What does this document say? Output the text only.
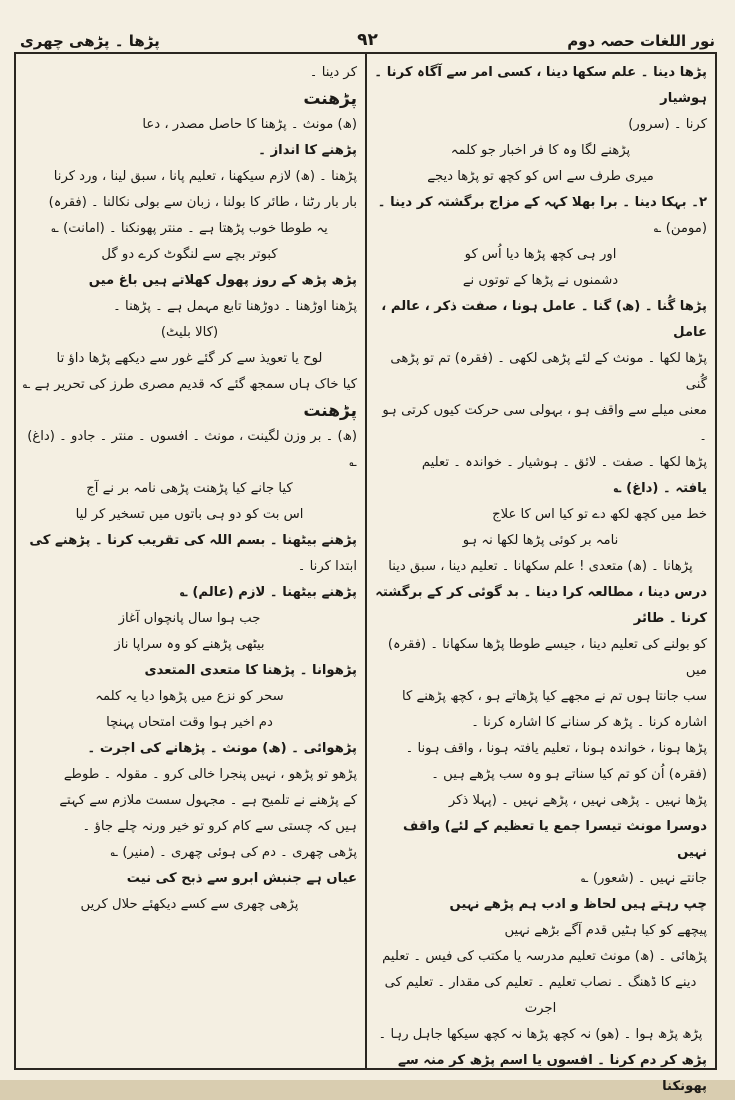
نور اللغات حصہ دوم
۹۲
پڑھا ۔ پڑھی چھری

پڑھا دینا ۔ علم سکھا دینا ، کسی امر سے آگاہ کرنا ۔ ہوشیار

کرنا ۔ (سرور)

پڑھنے لگا وہ کا فر اخبار جو کلمہ

میری طرف سے اس کو کچھ تو پڑھا دیجے

۲۔ بہکا دینا ۔ برا بھلا کہہ کے مزاج برگشتہ کر دینا ۔

(مومن) ؎

اور ہی کچھ پڑھا دیا اُس کو

دشمنوں نے پڑھا کے توتوں نے

پڑھا گُنا ۔ (ھ) گنا ۔ عامل ہونا ، صفت ذکر ، عالم ، عامل

پڑھا لکھا ۔ مونث کے لئے پڑھی لکھی ۔ (فقرہ) تم تو پڑھی گُنی

معنی میلے سے واقف ہو ، بہولی سی حرکت کیوں کرتی ہو ۔

پڑھا لکھا ۔ صفت ۔ لائق ۔ ہوشیار ۔ خواندہ ۔ تعلیم

یافتہ ۔ (داغ) ؎

خط میں کچھ لکھ دے تو کیا اس کا علاج

نامہ بر کوئی پڑھا لکھا نہ ہو

پڑھانا ۔ (ھ) متعدی ! علم سکھانا ۔ تعلیم دینا ، سبق دینا

درس دینا ، مطالعہ کرا دینا ۔ بد گوئی کر کے برگشتہ کرنا ۔ طائر

کو بولنے کی تعلیم دینا ، جیسے طوطا پڑھا سکھانا ۔ (فقرہ) میں

سب جانتا ہوں تم نے مجھے کیا پڑھاتے ہو ، کچھ پڑھنے کا

اشارہ کرنا ۔ پڑھ کر سنانے کا اشارہ کرنا ۔

پڑھا ہونا ، خواندہ ہونا ، تعلیم یافتہ ہونا ، واقف ہونا ۔

(فقرہ) اُن کو تم کیا سناتے ہو وہ سب پڑھے ہیں ۔

پڑھا نہیں ۔ پڑھی نہیں ، پڑھے نہیں ۔ (پہلا ذکر

دوسرا مونث تیسرا جمع یا تعظیم کے لئے) واقف نہیں

جانتے نہیں ۔ (شعور) ؎

چپ رہتے ہیں لحاظ و ادب ہم پڑھے نہیں

پیچھے کو کیا ہٹیں قدم آگے بڑھے نہیں

پڑھائی ۔ (ھ) مونث تعلیم مدرسہ یا مکتب کی فیس ۔ تعلیم

دینے کا ڈھنگ ۔ نصاب تعلیم ۔ تعلیم کی مقدار ۔ تعلیم کی اجرت

پڑھ پڑھ ہوا ۔ (ھو) نہ کچھ پڑھا نہ کچھ سیکھا جاہل رہا ۔

پڑھ کر دم کرنا ۔ افسوں یا اسم پڑھ کر منہ سے پھونکنا

کر دینا ۔

پڑھنت

(ھ) مونث ۔ پڑھنا کا حاصل مصدر ، دعا

پڑھنے کا انداز ۔

پڑھنا ۔ (ھ) لازم سیکھنا ، تعلیم پانا ، سبق لینا ، ورد کرنا

بار بار رٹنا ، طائر کا بولنا ، زبان سے بولی نکالنا ۔ (فقرہ)

یہ طوطا خوب پڑھتا ہے ۔ منتر پھونکنا ۔ (امانت) ؎

کبوتر بچے سے لنگوٹ کرے دو گل

پڑھ پڑھ کے روز پھول کھلاتے ہیں باغ میں

پڑھنا اوڑھنا ۔ دوڑھنا تابع مہمل ہے ۔ پڑھنا ۔

(کالا بلیٹ)

لوح یا تعویذ سے کر گئے غور سے دیکھے پڑھا داؤ تا

کیا خاک ہاں سمجھ گئے کہ قدیم مصری طرز کی تحریر ہے ؎

پڑھنت

(ھ) ۔ بر وزن لگینت ، مونث ۔ افسوں ۔ منتر ۔ جادو ۔ (داغ) ؎

کیا جانے کیا پڑھنت پڑھی نامہ بر نے آج

اس بت کو دو ہی باتوں میں تسخیر کر لیا

پڑھنے بیٹھنا ۔ بسم اللہ کی تقریب کرنا ۔ پڑھنے کی

ابتدا کرنا ۔

پڑھنے بیٹھنا ۔ لازم (عالم) ؎

جب ہوا سال پانچواں آغاز

بیٹھی پڑھنے کو وہ سراپا ناز

پڑھوانا ۔ پڑھنا کا متعدی المتعدی

سحر کو نزع میں پڑھوا دیا یہ کلمہ

دم اخیر ہوا وقت امتحاں پہنچا

پڑھوائی ۔ (ھ) مونث ۔ پڑھانے کی اجرت ۔

پڑھو تو پڑھو ، نہیں پنجرا خالی کرو ۔ مقولہ ۔ طوطے

کے پڑھنے نے تلمیح ہے ۔ مجہول سست ملازم سے کہتے

ہیں کہ چستی سے کام کرو تو خیر ورنہ چلے جاؤ ۔

پڑھی چھری ۔ دم کی ہوئی چھری ۔ (منیر) ؎

عیاں ہے جنبش ابرو سے ذبح کی نیت

پڑھی چھری سے کسے دیکھئے حلال کریں
